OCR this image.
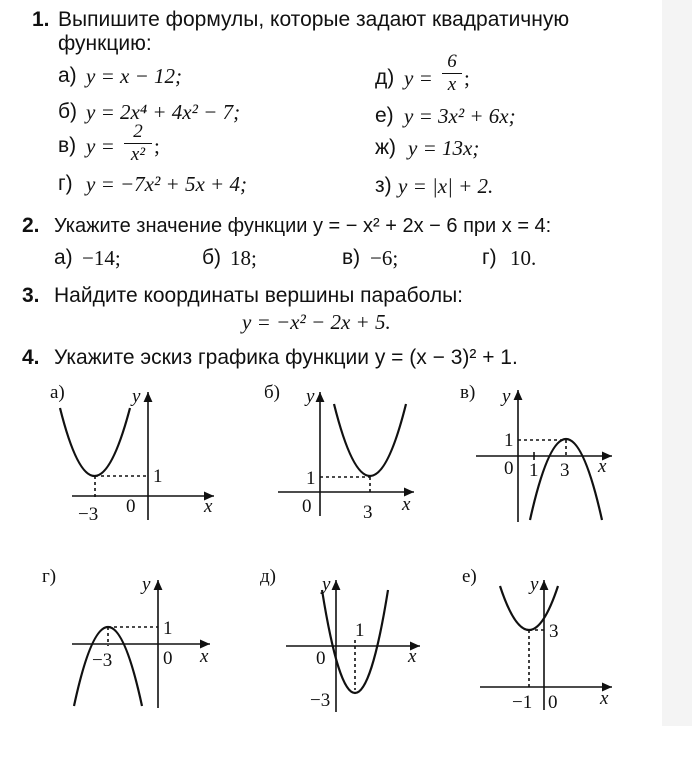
1. Выпишите формулы, которые задают квадратичную
функцию:
а) y = x − 12;
б) y = 2x⁴ + 4x² − 7;
в) y =
2
x² ;
г) y = −7x² + 5x + 4;
д) y =
6
x ;
е) y = 3x² + 6x;
ж) y = 13x;
з) y = |x| + 2.
2. Укажите значение функции y = − x² + 2x − 6 при x = 4:
а) −14;	б) 18;	в) −6;	г) 10.
3. Найдите координаты вершины параболы:
y = −x² − 2x + 5.
4. Укажите эскиз графика функции y = (x − 3)² + 1.
а)	б)	в)
г)	д)	е)
y
x
−3 0
1
y
x
1
0	3
y
x
1
0 1 3
y
x
1
−3	0
y
x
1
0
−3
y
x
3
−1 0
